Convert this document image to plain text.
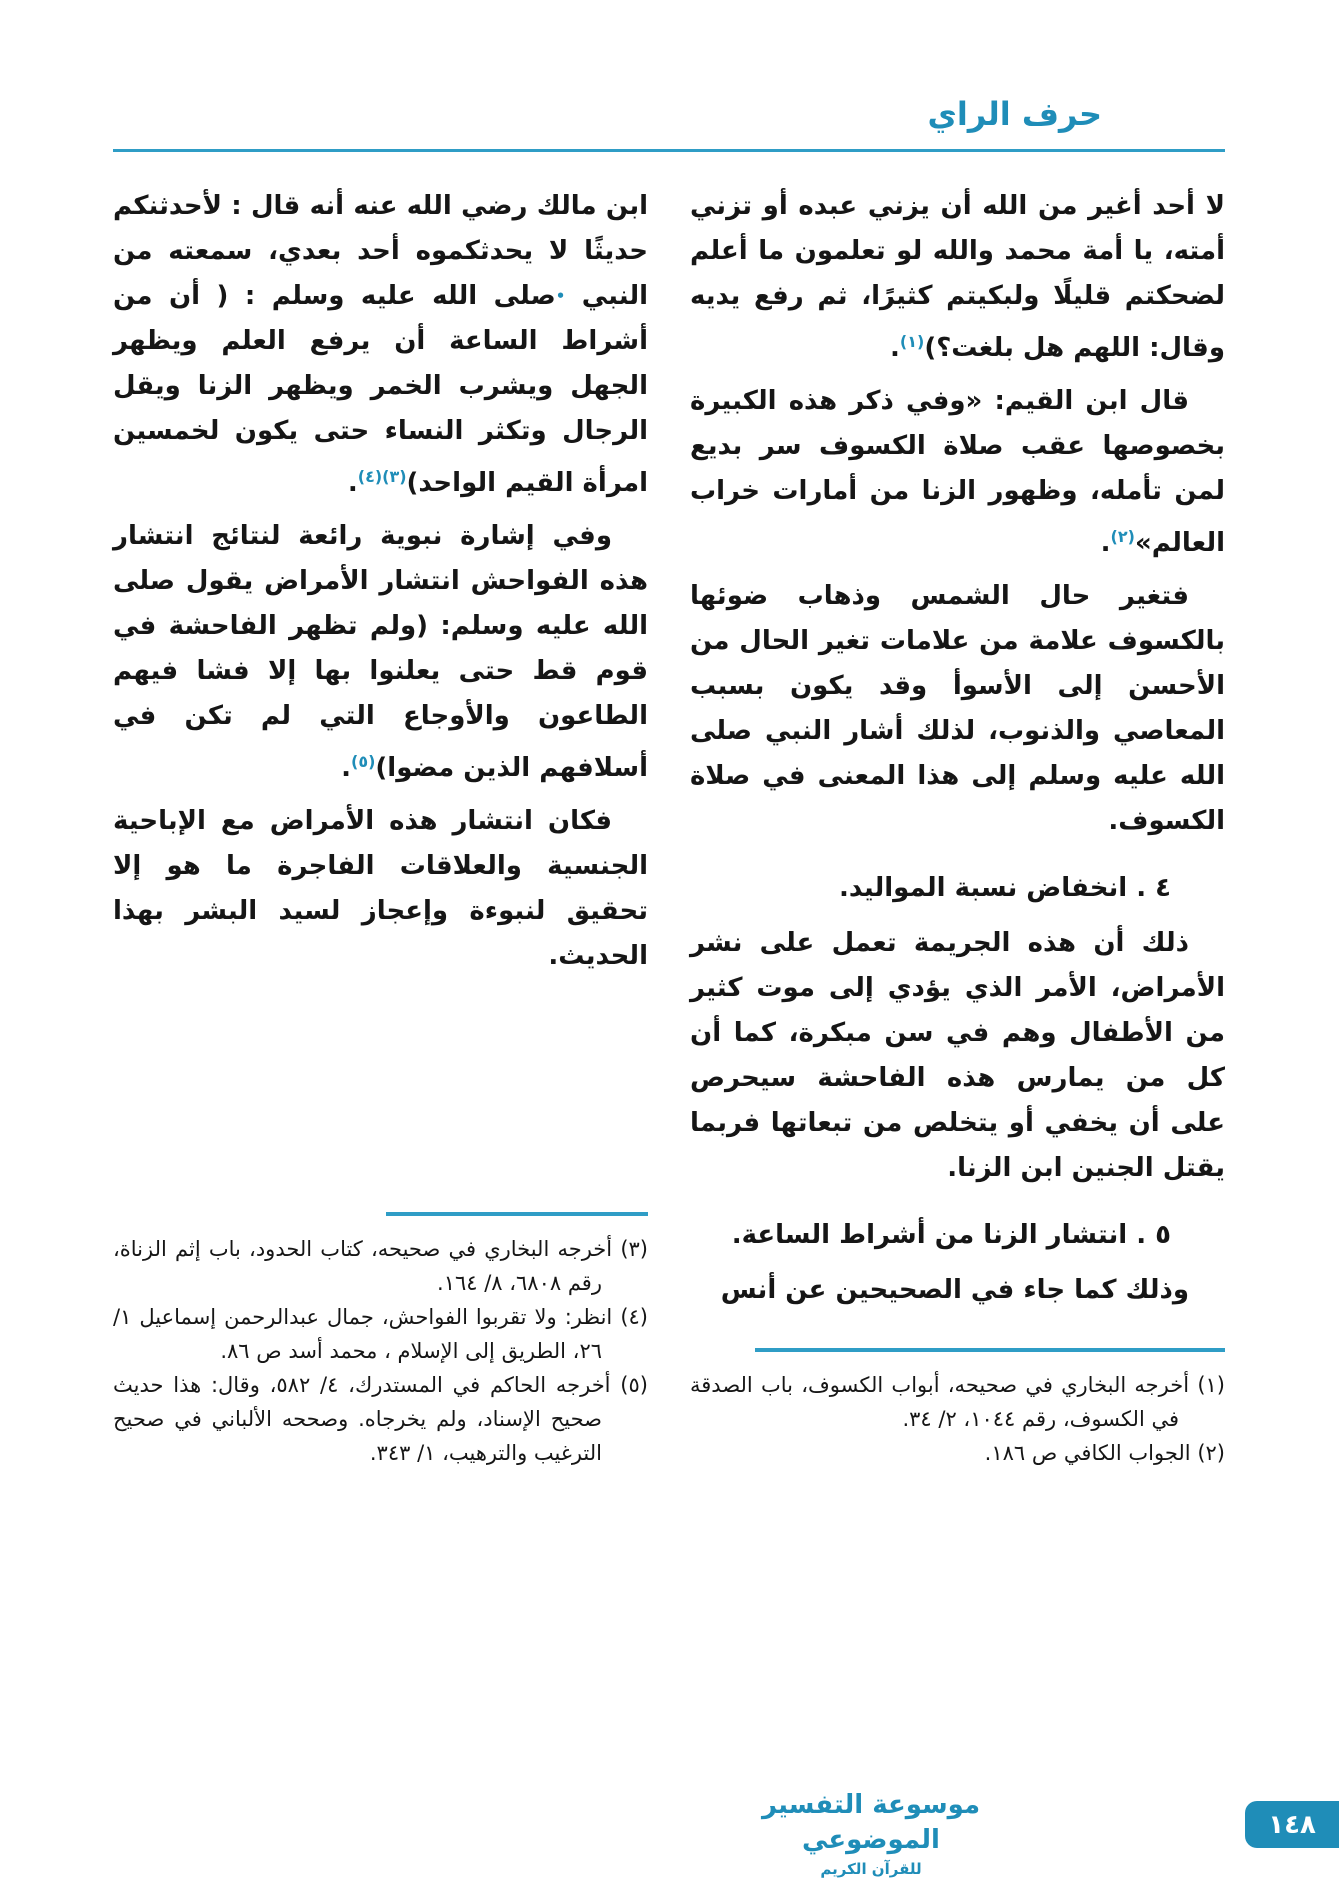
حرف الراي

لا أحد أغير من الله أن يزني عبده أو تزني أمته، يا أمة محمد والله لو تعلمون ما أعلم لضحكتم قليلًا ولبكيتم كثيرًا، ثم رفع يديه وقال: اللهم هل بلغت؟)$^{(١)}$.

قال ابن القيم: «وفي ذكر هذه الكبيرة بخصوصها عقب صلاة الكسوف سر بديع لمن تأمله، وظهور الزنا من أمارات خراب العالم»$^{(٢)}$.

فتغير حال الشمس وذهاب ضوئها بالكسوف علامة من علامات تغير الحال من الأحسن إلى الأسوأ وقد يكون بسبب المعاصي والذنوب، لذلك أشار النبي صلى الله عليه وسلم إلى هذا المعنى في صلاة الكسوف.

٤ . انخفاض نسبة المواليد.

ذلك أن هذه الجريمة تعمل على نشر الأمراض، الأمر الذي يؤدي إلى موت كثير من الأطفال وهم في سن مبكرة، كما أن كل من يمارس هذه الفاحشة سيحرص على أن يخفي أو يتخلص من تبعاتها فربما يقتل الجنين ابن الزنا.

٥ . انتشار الزنا من أشراط الساعة.

وذلك كما جاء في الصحيحين عن أنس

(١) أخرجه البخاري في صحيحه، أبواب الكسوف، باب الصدقة في الكسوف، رقم ١٠٤٤، ٢/ ٣٤.
(٢) الجواب الكافي ص ١٨٦.

ابن مالك رضي الله عنه أنه قال : لأحدثنكم حديثًا لا يحدثكموه أحد بعدي، سمعته من النبي •صلى الله عليه وسلم : ( أن من أشراط الساعة أن يرفع العلم ويظهر الجهل ويشرب الخمر ويظهر الزنا ويقل الرجال وتكثر النساء حتى يكون لخمسين امرأة القيم الواحد)$^{(٣)(٤)}$.

وفي إشارة نبوية رائعة لنتائج انتشار هذه الفواحش انتشار الأمراض يقول صلى الله عليه وسلم: (ولم تظهر الفاحشة في قوم قط حتى يعلنوا بها إلا فشا فيهم الطاعون والأوجاع التي لم تكن في أسلافهم الذين مضوا)$^{(٥)}$.

فكان انتشار هذه الأمراض مع الإباحية الجنسية والعلاقات الفاجرة ما هو إلا تحقيق لنبوءة وإعجاز لسيد البشر بهذا الحديث.

(٣) أخرجه البخاري في صحيحه، كتاب الحدود، باب إثم الزناة، رقم ٦٨٠٨، ٨/ ١٦٤.
(٤) انظر: ولا تقربوا الفواحش، جمال عبدالرحمن إسماعيل ١/ ٢٦، الطريق إلى الإسلام ، محمد أسد ص ٨٦.
(٥) أخرجه الحاكم في المستدرك، ٤/ ٥٨٢، وقال: هذا حديث صحيح الإسناد، ولم يخرجاه. وصححه الألباني في صحيح الترغيب والترهيب، ١/ ٣٤٣.
موسوعة التفسير الموضوعي
للقرآن الكريم
١٤٨
